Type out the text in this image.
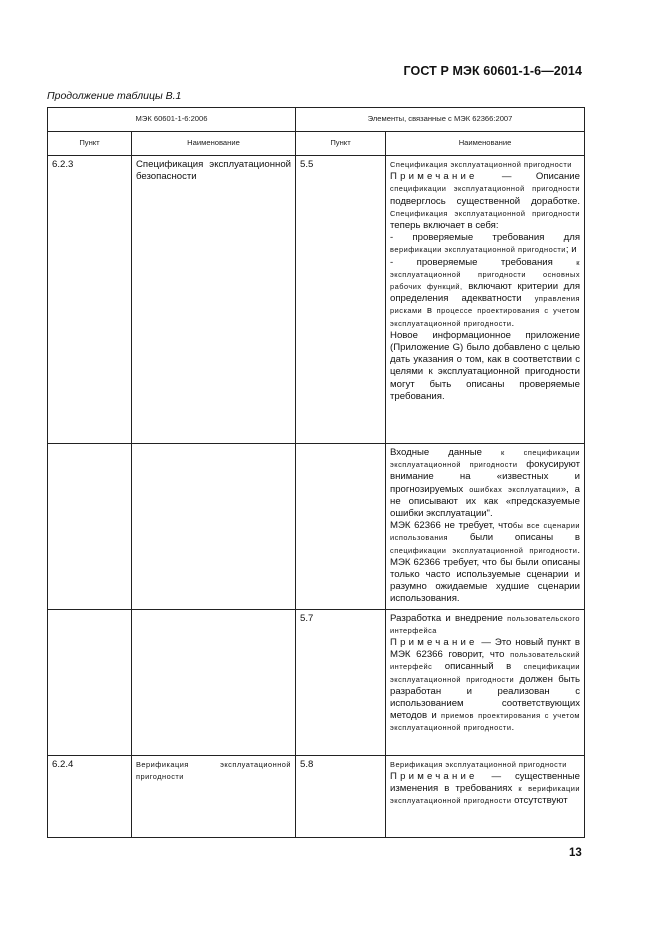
ГОСТ Р МЭК 60601-1-6—2014
Продолжение таблицы В.1
МЭК 60601-1-6:2006		Элементы, связанные с МЭК 62366:2007	
Пункт	Наименование	Пункт	Наименование
6.2.3	Спецификация эксплуатационной безопасности	5.5	Спецификация эксплуатационной пригодности
Примечание — Описание спецификации эксплуатационной пригодности подверглось существенной доработке. Спецификация эксплуатационной пригодности теперь включает в себя:
- проверяемые требования для верификации эксплуатационной пригодности; и
- проверяемые требования к эксплуатационной пригодности основных рабочих функций, включают критерии для определения адекватности управления рисками в процессе проектирования с учетом эксплуатационной пригодности.
Новое информационное приложение (Приложение G) было добавлено с целью дать указания о том, как в соответствии с целями к эксплуатационной пригодности могут быть описаны проверяемые требования.

			Входные данные к спецификации эксплуатационной пригодности фокусируют внимание на «известных и прогнозируемых ошибках эксплуатации», а не описывают их как «предсказуемые ошибки эксплуатации".
МЭК 62366 не требует, чтобы все сценарии использования были описаны в спецификации эксплуатационной пригодности. МЭК 62366 требует, что бы были описаны только часто используемые сценарии и разумно ожидаемые худшие сценарии использования.

		5.7	Разработка и внедрение пользовательского интерфейса
Примечание — Это новый пункт в МЭК 62366 говорит, что пользовательский интерфейс описанный в спецификации эксплуатационной пригодности должен быть разработан и реализован с использованием соответствующих методов и приемов проектирования с учетом эксплуатационной пригодности.

6.2.4	Верификация эксплуатационной пригодности	5.8	Верификация эксплуатационной пригодности
Примечание — существенные изменения в требованиях к верификации эксплуатационной пригодности отсутствуют
13
